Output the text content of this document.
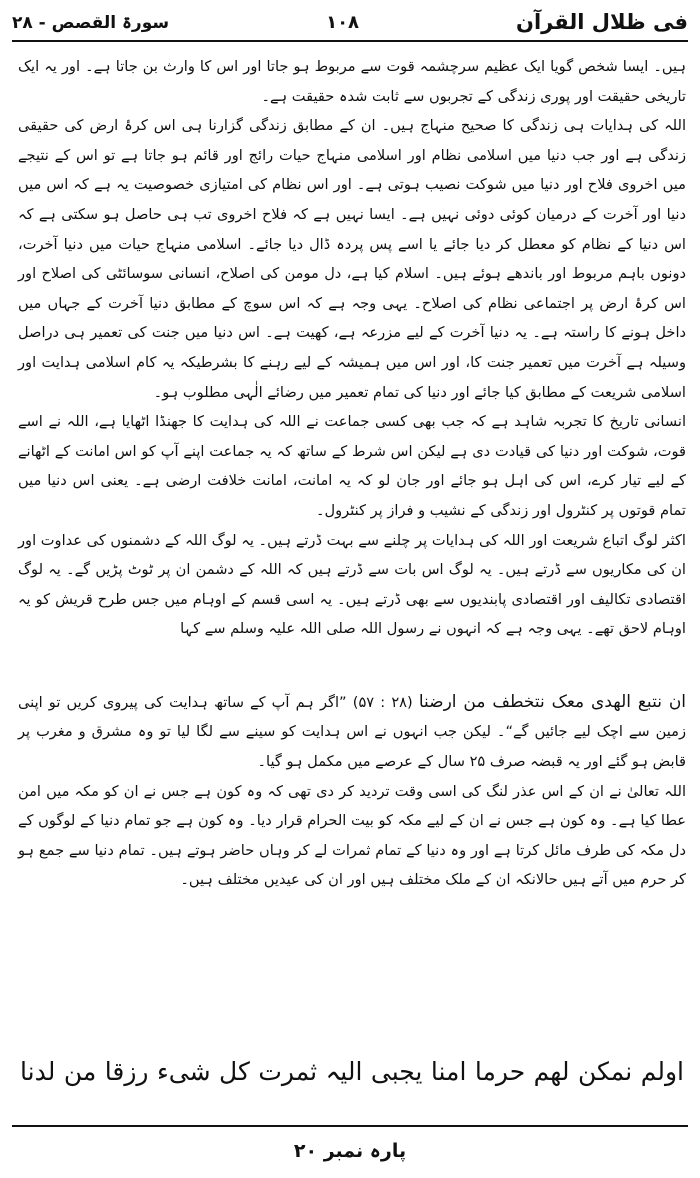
سورۃ القصص - ۲۸	۱۰۸	فی ظلال القرآن

ہیں۔ ایسا شخص گویا ایک عظیم سرچشمہ قوت سے مربوط ہو جاتا اور اس کا وارث بن جاتا ہے۔ اور یہ ایک تاریخی حقیقت اور پوری زندگی کے تجربوں سے ثابت شدہ حقیقت ہے۔

اللہ کی ہدایات ہی زندگی کا صحیح منہاج ہیں۔ ان کے مطابق زندگی گزارنا ہی اس کرۂ ارض کی حقیقی زندگی ہے اور جب دنیا میں اسلامی نظام اور اسلامی منہاج حیات رائج اور قائم ہو جاتا ہے تو اس کے نتیجے میں اخروی فلاح اور دنیا میں شوکت نصیب ہوتی ہے۔ اور اس نظام کی امتیازی خصوصیت یہ ہے کہ اس میں دنیا اور آخرت کے درمیان کوئی دوئی نہیں ہے۔ ایسا نہیں ہے کہ فلاح اخروی تب ہی حاصل ہو سکتی ہے کہ اس دنیا کے نظام کو معطل کر دیا جائے یا اسے پس پردہ ڈال دیا جائے۔ اسلامی منہاج حیات میں دنیا آخرت، دونوں باہم مربوط اور باندھے ہوئے ہیں۔ اسلام کیا ہے، دل مومن کی اصلاح، انسانی سوسائٹی کی اصلاح اور اس کرۂ ارض پر اجتماعی نظام کی اصلاح۔ یہی وجہ ہے کہ اس سوچ کے مطابق دنیا آخرت کے جہاں میں داخل ہونے کا راستہ ہے۔ یہ دنیا آخرت کے لیے مزرعہ ہے، کھیت ہے۔ اس دنیا میں جنت کی تعمیر ہی دراصل وسیلہ ہے آخرت میں تعمیر جنت کا، اور اس میں ہمیشہ کے لیے رہنے کا بشرطیکہ یہ کام اسلامی ہدایت اور اسلامی شریعت کے مطابق کیا جائے اور دنیا کی تمام تعمیر میں رضائے الٰہی مطلوب ہو۔

انسانی تاریخ کا تجربہ شاہد ہے کہ جب بھی کسی جماعت نے اللہ کی ہدایت کا جھنڈا اٹھایا ہے، اللہ نے اسے قوت، شوکت اور دنیا کی قیادت دی ہے لیکن اس شرط کے ساتھ کہ یہ جماعت اپنے آپ کو اس امانت کے اٹھانے کے لیے تیار کرے، اس کی اہل ہو جائے اور جان لو کہ یہ امانت، امانت خلافت ارضی ہے۔ یعنی اس دنیا میں تمام قوتوں پر کنٹرول اور زندگی کے نشیب و فراز پر کنٹرول۔

اکثر لوگ اتباع شریعت اور اللہ کی ہدایات پر چلنے سے بہت ڈرتے ہیں۔ یہ لوگ اللہ کے دشمنوں کی عداوت اور ان کی مکاریوں سے ڈرتے ہیں۔ یہ لوگ اس بات سے ڈرتے ہیں کہ اللہ کے دشمن ان پر ٹوٹ پڑیں گے۔ یہ لوگ اقتصادی تکالیف اور اقتصادی پابندیوں سے بھی ڈرتے ہیں۔ یہ اسی قسم کے اوہام میں جس طرح قریش کو یہ اوہام لاحق تھے۔ یہی وجہ ہے کہ انہوں نے رسول اللہ صلی اللہ علیہ وسلم سے کہا

ان نتبع الھدی معک نتخطف من ارضنا (۲۸ : ۵۷) ”اگر ہم آپ کے ساتھ ہدایت کی پیروی کریں تو اپنی زمین سے اچک لیے جائیں گے“۔ لیکن جب انہوں نے اس ہدایت کو سینے سے لگا لیا تو وہ مشرق و مغرب پر قابض ہو گئے اور یہ قبضہ صرف ۲۵ سال کے عرصے میں مکمل ہو گیا۔

اللہ تعالیٰ نے ان کے اس عذر لنگ کی اسی وقت تردید کر دی تھی کہ وہ کون ہے جس نے ان کو مکہ میں امن عطا کیا ہے۔ وہ کون ہے جس نے ان کے لیے مکہ کو بیت الحرام قرار دیا۔ وہ کون ہے جو تمام دنیا کے لوگوں کے دل مکہ کی طرف مائل کرتا ہے اور وہ دنیا کے تمام ثمرات لے کر وہاں حاضر ہوتے ہیں۔ تمام دنیا سے جمع ہو کر حرم میں آتے ہیں حالانکہ ان کے ملک مختلف ہیں اور ان کی عیدیں مختلف ہیں۔

اولم نمکن لھم حرما امنا یجبی الیہ ثمرت کل شیء رزقا من لدنا
پارہ نمبر ۲۰
